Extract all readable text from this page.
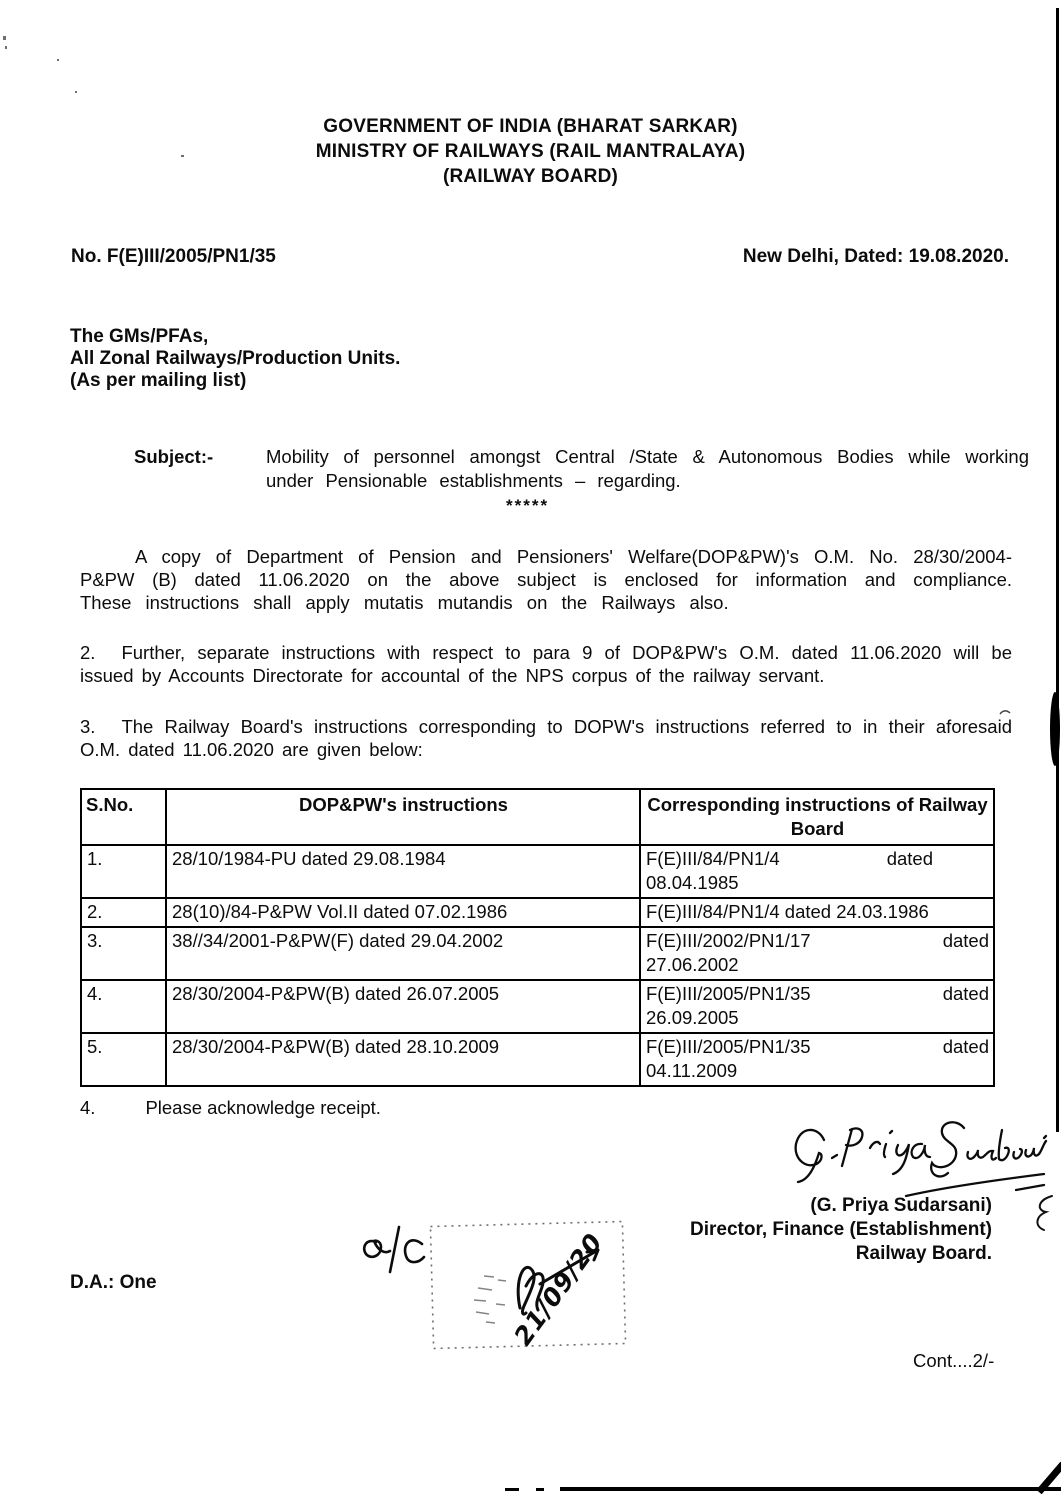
GOVERNMENT OF INDIA (BHARAT SARKAR)
MINISTRY OF RAILWAYS (RAIL MANTRALAYA)
(RAILWAY BOARD)
No. F(E)III/2005/PN1/35	New Delhi, Dated: 19.08.2020.
The GMs/PFAs,
All Zonal Railways/Production Units.
(As per mailing list)
Subject:-	Mobility of personnel amongst Central /State & Autonomous Bodies while working under Pensionable establishments – regarding.
*****
A copy of Department of Pension and Pensioners' Welfare(DOP&PW)'s O.M. No. 28/30/2004-P&PW (B) dated 11.06.2020 on the above subject is enclosed for information and compliance. These instructions shall apply mutatis mutandis on the Railways also.
2. Further, separate instructions with respect to para 9 of DOP&PW's O.M. dated 11.06.2020 will be issued by Accounts Directorate for accountal of the NPS corpus of the railway servant.
3. The Railway Board's instructions corresponding to DOPW's instructions referred to in their aforesaid O.M. dated 11.06.2020 are given below:
S.No.	DOP&PW's instructions	Corresponding instructions of Railway Board
1.	28/10/1984-PU dated 29.08.1984	F(E)III/84/PN1/4 dated
08.04.1985

2.	28(10)/84-P&PW Vol.II dated 07.02.1986	F(E)III/84/PN1/4 dated 24.03.1986

3.	38//34/2001-P&PW(F) dated 29.04.2002	F(E)III/2002/PN1/17 dated
27.06.2002

4.	28/30/2004-P&PW(B) dated 26.07.2005	F(E)III/2005/PN1/35 dated
26.09.2005

5.	28/30/2004-P&PW(B) dated 28.10.2009	F(E)III/2005/PN1/35 dated
04.11.2009
4.	Please acknowledge receipt.
(G. Priya Sudarsani)
Director, Finance (Establishment)
Railway Board.
21/09/20
D.A.: One
Cont....2/-
